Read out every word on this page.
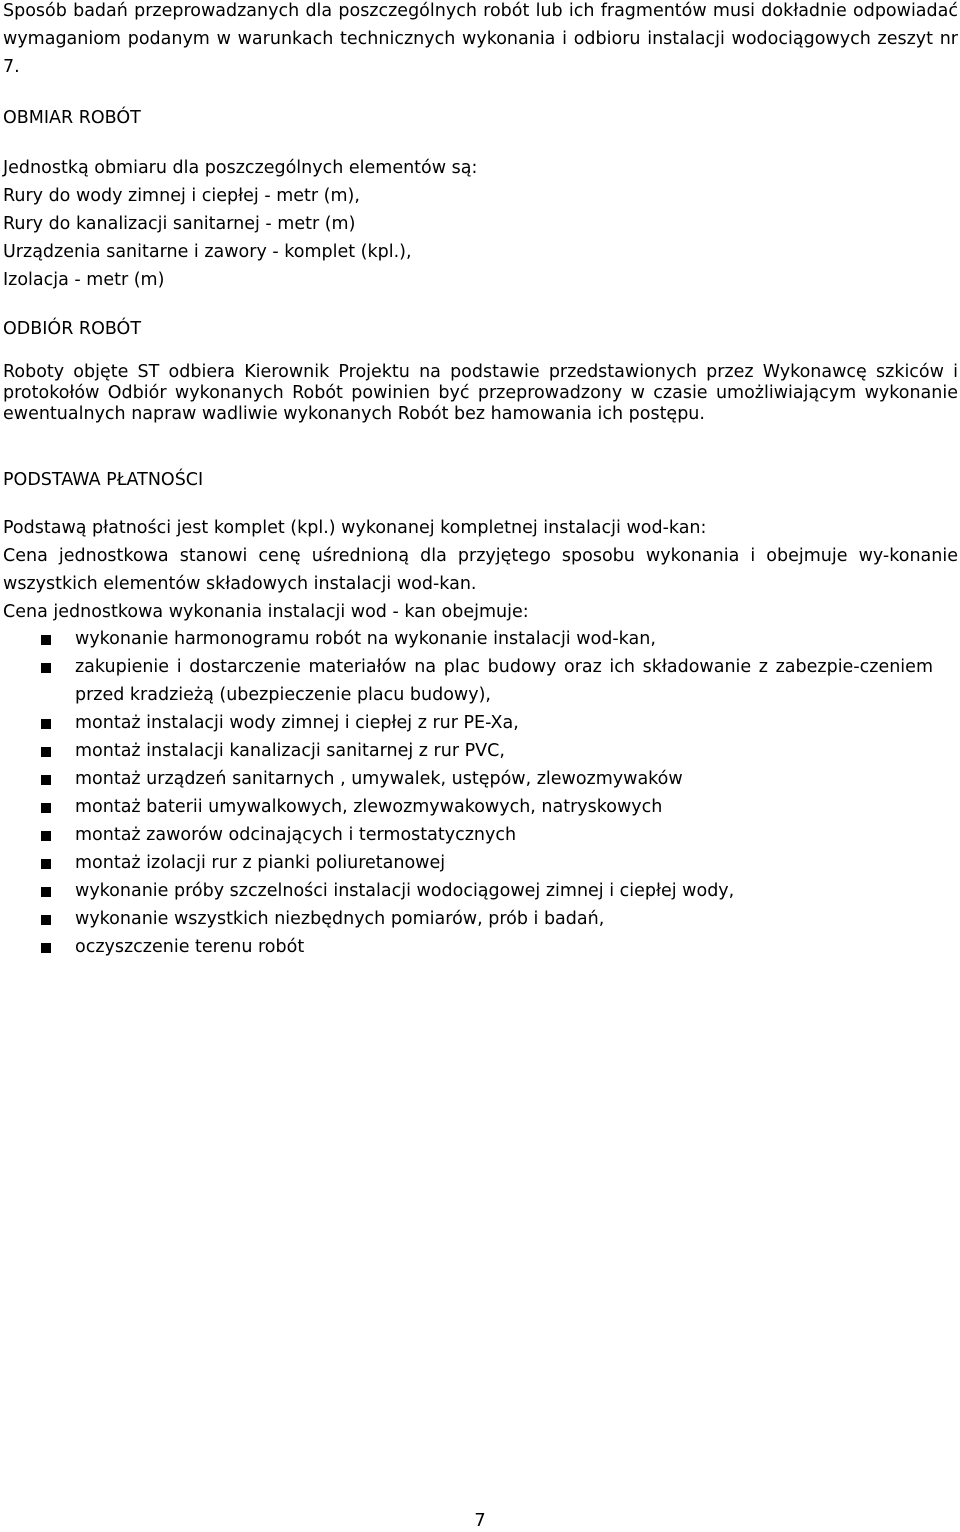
Sposób badań przeprowadzanych dla poszczególnych robót lub ich fragmentów musi dokładnie odpowiadać wymaganiom podanym w warunkach technicznych wykonania i odbioru instalacji wodociągowych zeszyt nr 7.

OBMIAR ROBÓT
Jednostką obmiaru dla poszczególnych elementów są:
Rury do wody zimnej i ciepłej - metr (m),
Rury do kanalizacji sanitarnej - metr (m)
Urządzenia sanitarne i zawory - komplet (kpl.),
Izolacja - metr (m)
ODBIÓR ROBÓT

Roboty objęte ST odbiera Kierownik Projektu na podstawie przedstawionych przez Wykonawcę szkiców i protokołów Odbiór wykonanych Robót powinien być przeprowadzony w czasie umożliwiającym wykonanie ewentualnych napraw wadliwie wykonanych Robót bez hamowania ich postępu.

PODSTAWA PŁATNOŚCI
Podstawą płatności jest komplet (kpl.) wykonanej kompletnej instalacji wod-kan:

Cena jednostkowa stanowi cenę uśrednioną dla przyjętego sposobu wykonania i obejmuje wy-konanie wszystkich elementów składowych instalacji wod-kan.

Cena jednostkowa wykonania instalacji wod - kan obejmuje:
wykonanie harmonogramu robót na wykonanie instalacji wod-kan,
zakupienie i dostarczenie materiałów na plac budowy oraz ich składowanie z zabezpie-czeniem przed kradzieżą (ubezpieczenie placu budowy),
montaż instalacji wody zimnej i ciepłej z rur PE-Xa,
montaż instalacji kanalizacji sanitarnej z rur PVC,
montaż urządzeń sanitarnych , umywalek, ustępów, zlewozmywaków
montaż baterii umywalkowych, zlewozmywakowych, natryskowych
montaż zaworów odcinających i termostatycznych
montaż izolacji rur z pianki poliuretanowej
wykonanie próby szczelności instalacji wodociągowej zimnej i ciepłej wody,
wykonanie wszystkich niezbędnych pomiarów, prób i badań,
oczyszczenie terenu robót
7
